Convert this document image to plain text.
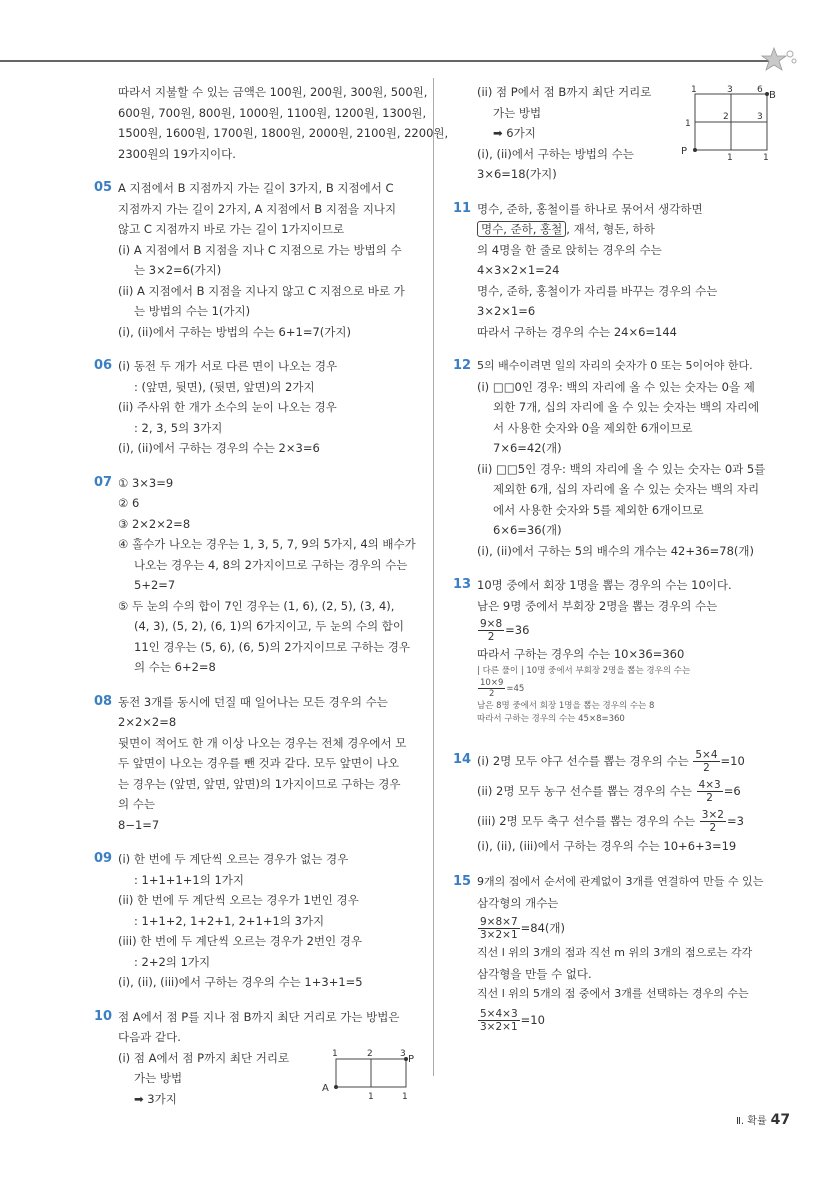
따라서 지불할 수 있는 금액은 100원, 200원, 300원, 500원,
600원, 700원, 800원, 1000원, 1100원, 1200원, 1300원,
1500원, 1600원, 1700원, 1800원, 2000원, 2100원, 2200원,
2300원의 19가지이다.
05 A 지점에서 B 지점까지 가는 길이 3가지, B 지점에서 C
지점까지 가는 길이 2가지, A 지점에서 B 지점을 지나지
않고 C 지점까지 바로 가는 길이 1가지이므로
(i) A 지점에서 B 지점을 지나 C 지점으로 가는 방법의 수
는 3×2=6(가지)
(ii) A 지점에서 B 지점을 지나지 않고 C 지점으로 바로 가
는 방법의 수는 1(가지)
(i), (ii)에서 구하는 방법의 수는 6+1=7(가지)
06 (i) 동전 두 개가 서로 다른 면이 나오는 경우
: (앞면, 뒷면), (뒷면, 앞면)의 2가지
(ii) 주사위 한 개가 소수의 눈이 나오는 경우
: 2, 3, 5의 3가지
(i), (ii)에서 구하는 경우의 수는 2×3=6
07 ① 3×3=9
② 6
③ 2×2×2=8
④ 홀수가 나오는 경우는 1, 3, 5, 7, 9의 5가지, 4의 배수가
나오는 경우는 4, 8의 2가지이므로 구하는 경우의 수는
5+2=7
⑤ 두 눈의 수의 합이 7인 경우는 (1, 6), (2, 5), (3, 4),
(4, 3), (5, 2), (6, 1)의 6가지이고, 두 눈의 수의 합이
11인 경우는 (5, 6), (6, 5)의 2가지이므로 구하는 경우
의 수는 6+2=8
08 동전 3개를 동시에 던질 때 일어나는 모든 경우의 수는
2×2×2=8
뒷면이 적어도 한 개 이상 나오는 경우는 전체 경우에서 모
두 앞면이 나오는 경우를 뺀 것과 같다. 모두 앞면이 나오
는 경우는 (앞면, 앞면, 앞면)의 1가지이므로 구하는 경우
의 수는
8−1=7
09 (i) 한 번에 두 계단씩 오르는 경우가 없는 경우
: 1+1+1+1의 1가지
(ii) 한 번에 두 계단씩 오르는 경우가 1번인 경우
: 1+1+2, 1+2+1, 2+1+1의 3가지
(iii) 한 번에 두 계단씩 오르는 경우가 2번인 경우
: 2+2의 1가지
(i), (ii), (iii)에서 구하는 경우의 수는 1+3+1=5
10 점 A에서 점 P를 지나 점 B까지 최단 거리로 가는 방법은
다음과 같다.
(i) 점 A에서 점 P까지 최단 거리로
가는 방법
➡ 3가지
1	2	3 P
A
1	1
(ii) 점 P에서 점 B까지 최단 거리로
가는 방법
➡ 6가지
(i), (ii)에서 구하는 방법의 수는
3×6=18(가지)
1	3	6 B
2	3
1
P
1	1
11 명수, 준하, 홍철이를 하나로 묶어서 생각하면
명수, 준하, 홍철 , 재석, 형돈, 하하
의 4명을 한 줄로 앉히는 경우의 수는
4×3×2×1=24
명수, 준하, 홍철이가 자리를 바꾸는 경우의 수는
3×2×1=6
따라서 구하는 경우의 수는 24×6=144
12 5의 배수이려면 일의 자리의 숫자가 0 또는 5이어야 한다.
(i) □□0인 경우: 백의 자리에 올 수 있는 숫자는 0을 제
외한 7개, 십의 자리에 올 수 있는 숫자는 백의 자리에
서 사용한 숫자와 0을 제외한 6개이므로
7×6=42(개)
(ii) □□5인 경우: 백의 자리에 올 수 있는 숫자는 0과 5를
제외한 6개, 십의 자리에 올 수 있는 숫자는 백의 자리
에서 사용한 숫자와 5를 제외한 6개이므로
6×6=36(개)
(i), (ii)에서 구하는 5의 배수의 개수는 42+36=78(개)
13 10명 중에서 회장 1명을 뽑는 경우의 수는 10이다.
남은 9명 중에서 부회장 2명을 뽑는 경우의 수는
$\frac{9\times 8}{2} =36$
따라서 구하는 경우의 수는 10×36=360
| 다른 풀이 | 10명 중에서 부회장 2명을 뽑는 경우의 수는
$\frac{10\times 9}{2} =45$
남은 8명 중에서 회장 1명을 뽑는 경우의 수는 8
따라서 구하는 경우의 수는 45×8=360
14 (i) 2명 모두 야구 선수를 뽑는 경우의 수는 $\frac{5\times 4}{2} =10$
(ii) 2명 모두 농구 선수를 뽑는 경우의 수는 $\frac{4\times 3}{2} =6$
(iii) 2명 모두 축구 선수를 뽑는 경우의 수는 $\frac{3\times 2}{2} =3$
(i), (ii), (iii)에서 구하는 경우의 수는 10+6+3=19
15 9개의 점에서 순서에 관계없이 3개를 연결하여 만들 수 있는
삼각형의 개수는
$\frac{9\times 8\times 7}{3\times 2\times 1} =84$(개)
직선 l 위의 3개의 점과 직선 m 위의 3개의 점으로는 각각
삼각형을 만들 수 없다.
직선 l 위의 5개의 점 중에서 3개를 선택하는 경우의 수는
$\frac{5\times 4\times 3}{3\times 2\times 1} =10$
Ⅱ. 확률 47
